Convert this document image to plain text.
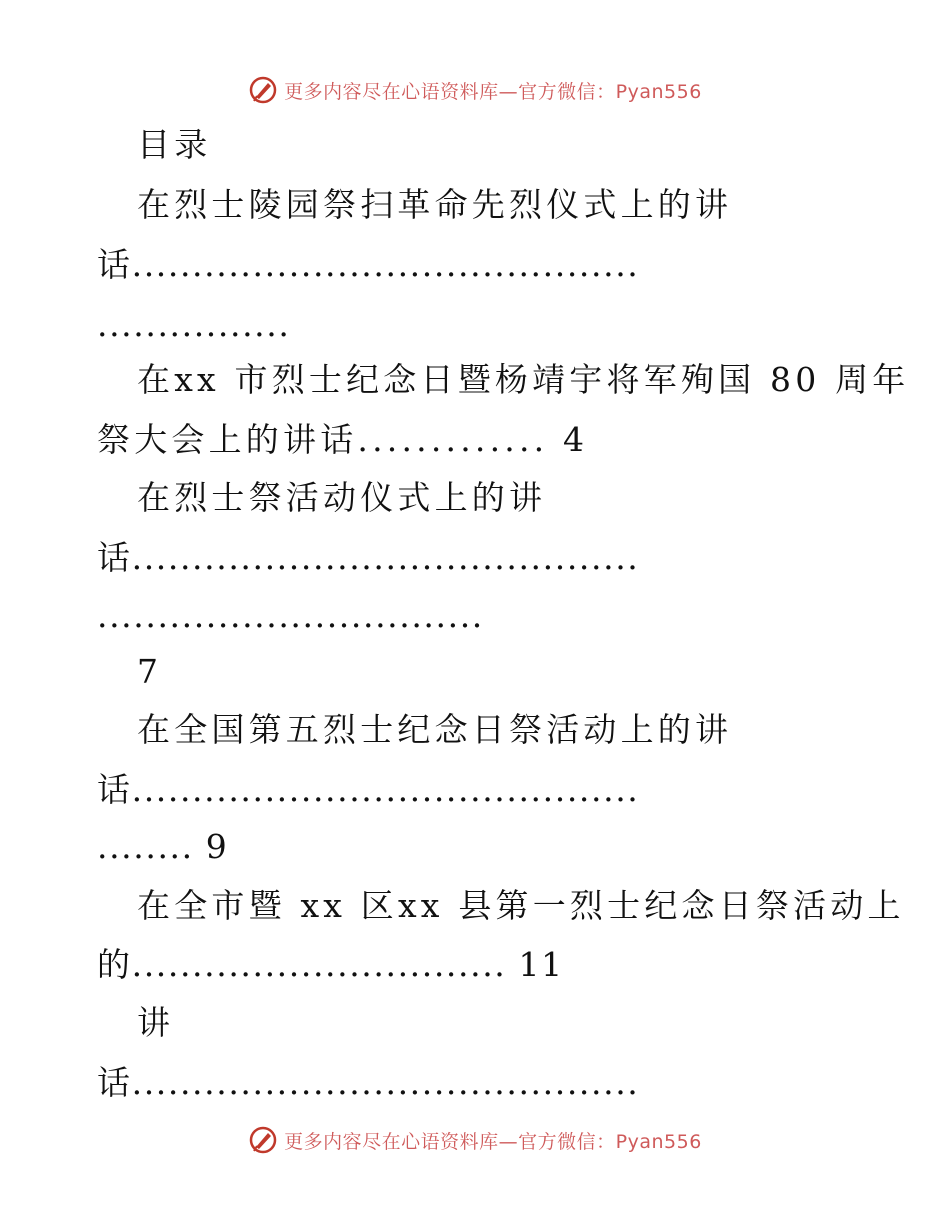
更多内容尽在心语资料库—官方微信：Pyan556
目录
在烈士陵园祭扫革命先烈仪式上的讲
话..........................................
................
在xx 市烈士纪念日暨杨靖宇将军殉国 80 周年
祭大会上的讲话............. 4
在烈士祭活动仪式上的讲
话..........................................
................................
7
在全国第五烈士纪念日祭活动上的讲
话..........................................
........ 9
在全市暨 xx 区xx 县第一烈士纪念日祭活动上
的............................... 11
讲
话..........................................
更多内容尽在心语资料库—官方微信：Pyan556
